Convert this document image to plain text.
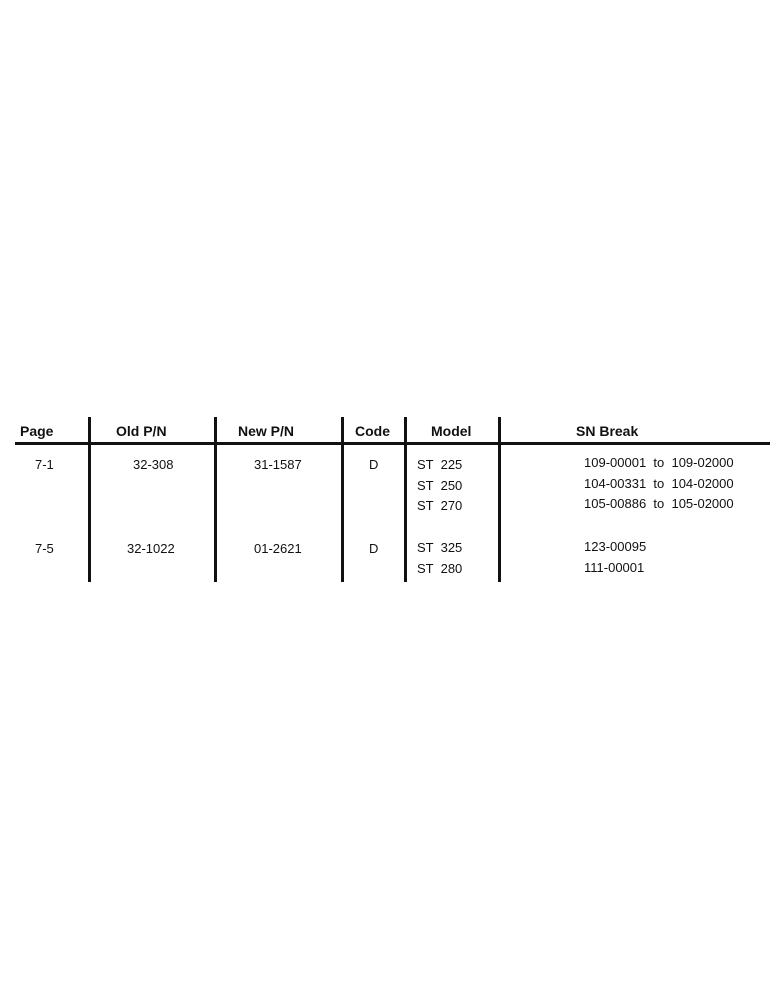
Page	Old P/N	New P/N	Code	Model	SN Break
7-1	32-308	31-1587	D	ST  225	109-00001  to  109-02000
ST  250	104-00331  to  104-02000
ST  270	105-00886  to  105-02000
7-5	32-1022	01-2621	D	ST  325	123-00095
ST  280	111-00001
